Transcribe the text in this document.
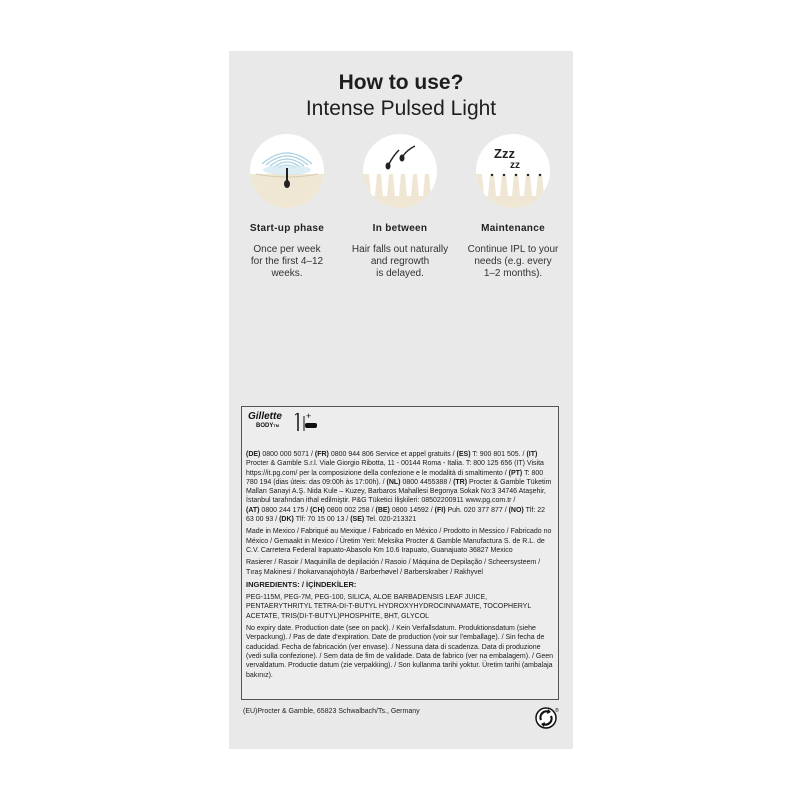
How to use?
Intense Pulsed Light
Start-up phase
Once per week
for the first 4–12
weeks.
In between
Hair falls out naturally
and regrowth
is delayed.
Zzz
zz
Maintenance
Continue IPL to your
needs (e.g. every
1–2 months).
Gillette
BODYTM
+

(DE) 0800 000 5071 / (FR) 0800 944 806 Service et appel gratuits / (ES) T: 900 801 505. / (IT) Procter & Gamble S.r.l. Viale Giorgio Ribotta, 11 - 00144 Roma - Italia. T: 800 125 656 (IT) Visita https://it.pg.com/ per la composizione della confezione e le modalità di smaltimento / (PT) T: 800 780 194 (dias úteis: das 09:00h às 17:00h). / (NL) 0800 4455388 / (TR) Procter & Gamble Tüketim Malları Sanayi A.Ş. Nida Kule – Kuzey, Barbaros Mahallesi Begonya Sokak No:3 34746 Ataşehir, İstanbul tarafından ithal edilmiştir. P&G Tüketici İlişkileri: 08502200911 www.pg.com.tr /
(AT) 0800 244 175 / (CH) 0800 002 258 / (BE) 0800 14592 / (FI) Puh. 020 377 877 / (NO) Tlf: 22 63 00 93 / (DK) Tlf: 70 15 00 13 / (SE) Tel. 020-213321

Made in Mexico / Fabriqué au Mexique / Fabricado en México / Prodotto in Messico / Fabricado no México / Gemaakt in Mexico / Üretim Yeri: Meksika Procter & Gamble Manufactura S. de R.L. de C.V. Carretera Federal Irapuato-Abasolo Km 10.6 Irapuato, Guanajuato 36827 Mexico

Rasierer / Rasoir / Maquinilla de depilación / Rasoio / Máquina de Depilação / Scheersysteem / Tıraş Makinesi / Ihokarvanajohöylä / Barberhøvel / Barberskraber / Rakhyvel

INGREDIENTS: / İÇİNDEKİLER:

PEG-115M, PEG-7M, PEG-100, SILICA, ALOE BARBADENSIS LEAF JUICE, PENTAERYTHRITYL TETRA-DI-T-BUTYL HYDROXYHYDROCINNAMATE, TOCOPHERYL ACETATE, TRIS(DI-T-BUTYL)PHOSPHITE, BHT, GLYCOL

No expiry date. Production date (see on pack). / Kein Verfallsdatum. Produktionsdatum (siehe Verpackung). / Pas de date d'expiration. Date de production (voir sur l'emballage). / Sin fecha de caducidad. Fecha de fabricación (ver envase). / Nessuna data di scadenza. Data di produzione (vedi sulla confezione). / Sem data de fim de validade. Data de fabrico (ver na embalagem). / Geen vervaldatum. Productie datum (zie verpakking). / Son kullanma tarihi yoktur. Üretim tarihi (ambalaja bakınız).

(EU)Procter & Gamble, 65823 Schwalbach/Ts., Germany	®
